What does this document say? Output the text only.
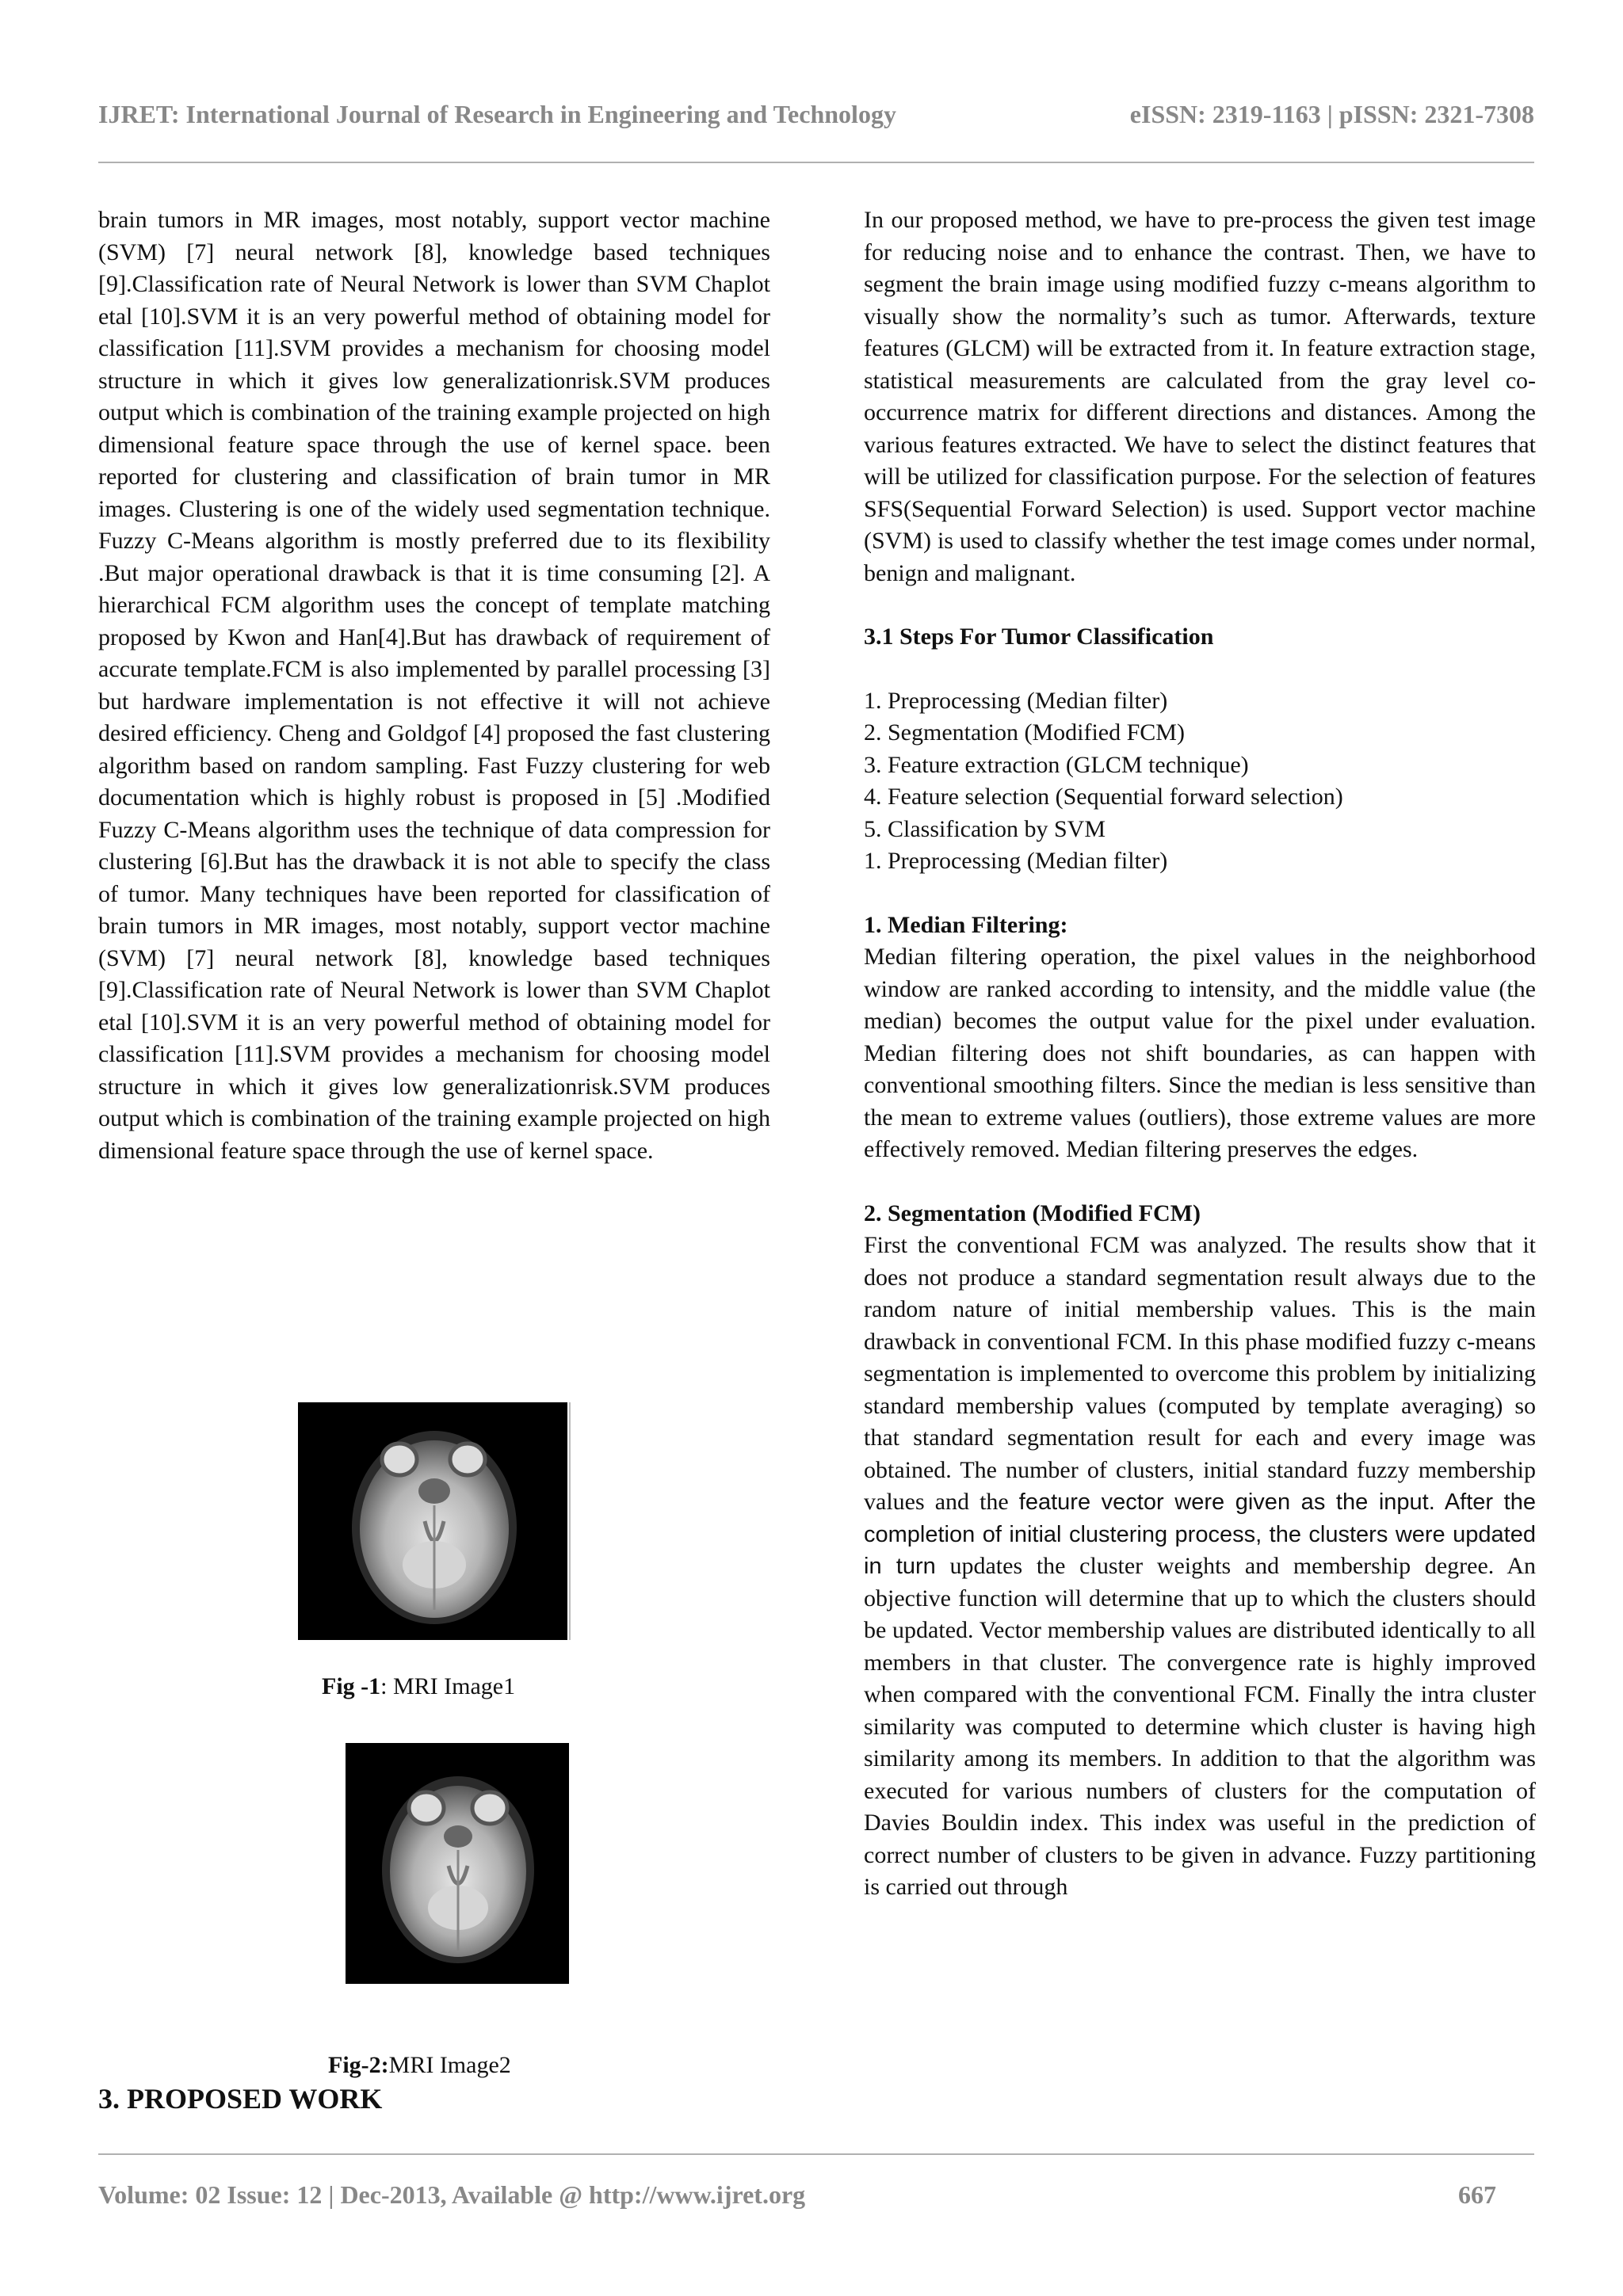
IJRET: International Journal of Research in Engineering and Technology	eISSN: 2319-1163 | pISSN: 2321-7308

brain tumors in MR images, most notably, support vector machine (SVM) [7] neural network [8], knowledge based techniques [9].Classification rate of Neural Network is lower than SVM Chaplot etal [10].SVM it is an very powerful method of obtaining model for classification [11].SVM provides a mechanism for choosing model structure in which it gives low generalizationrisk.SVM produces output which is combination of the training example projected on high dimensional feature space through the use of kernel space. been reported for clustering and classification of brain tumor in MR images. Clustering is one of the widely used segmentation technique. Fuzzy C-Means algorithm is mostly preferred due to its flexibility .But major operational drawback is that it is time consuming [2]. A hierarchical FCM algorithm uses the concept of template matching proposed by Kwon and Han[4].But has drawback of requirement of accurate template.FCM is also implemented by parallel processing [3] but hardware implementation is not effective it will not achieve desired efficiency. Cheng and Goldgof [4] proposed the fast clustering algorithm based on random sampling. Fast Fuzzy clustering for web documentation which is highly robust is proposed in [5] .Modified Fuzzy C-Means algorithm uses the technique of data compression for clustering [6].But has the drawback it is not able to specify the class of tumor. Many techniques have been reported for classification of brain tumors in MR images, most notably, support vector machine (SVM) [7] neural network [8], knowledge based techniques [9].Classification rate of Neural Network is lower than SVM Chaplot etal [10].SVM it is an very powerful method of obtaining model for classification [11].SVM provides a mechanism for choosing model structure in which it gives low generalizationrisk.SVM produces output which is combination of the training example projected on high dimensional feature space through the use of kernel space.

Fig -1: MRI Image1
Fig-2:MRI Image2
3. PROPOSED WORK

In our proposed method, we have to pre-process the given test image for reducing noise and to enhance the contrast. Then, we have to segment the brain image using modified fuzzy c-means algorithm to visually show the normality’s such as tumor. Afterwards, texture features (GLCM) will be extracted from it. In feature extraction stage, statistical measurements are calculated from the gray level co-occurrence matrix for different directions and distances. Among the various features extracted. We have to select the distinct features that will be utilized for classification purpose. For the selection of features SFS(Sequential Forward Selection) is used. Support vector machine (SVM) is used to classify whether the test image comes under normal, benign and malignant.

3.1 Steps For Tumor Classification

1. Preprocessing (Median filter)
2. Segmentation (Modified FCM)
3. Feature extraction (GLCM technique)
4. Feature selection (Sequential forward selection)
5. Classification by SVM
1. Preprocessing (Median filter)

1. Median Filtering:

Median filtering operation, the pixel values in the neighborhood window are ranked according to intensity, and the middle value (the median) becomes the output value for the pixel under evaluation. Median filtering does not shift boundaries, as can happen with conventional smoothing filters. Since the median is less sensitive than the mean to extreme values (outliers), those extreme values are more effectively removed. Median filtering preserves the edges.

2. Segmentation (Modified FCM)

First the conventional FCM was analyzed. The results show that it does not produce a standard segmentation result always due to the random nature of initial membership values. This is the main drawback in conventional FCM. In this phase modified fuzzy c-means segmentation is implemented to overcome this problem by initializing standard membership values (computed by template averaging) so that standard segmentation result for each and every image was obtained. The number of clusters, initial standard fuzzy membership values and the feature vector were given as the input. After the completion of initial clustering process, the clusters were updated in turn updates the cluster weights and membership degree. An objective function will determine that up to which the clusters should be updated. Vector membership values are distributed identically to all members in that cluster. The convergence rate is highly improved when compared with the conventional FCM. Finally the intra cluster similarity was computed to determine which cluster is having high similarity among its members. In addition to that the algorithm was executed for various numbers of clusters for the computation of Davies Bouldin index. This index was useful in the prediction of correct number of clusters to be given in advance. Fuzzy partitioning is carried out through

Volume: 02 Issue: 12 | Dec-2013, Available @ http://www.ijret.org	667
